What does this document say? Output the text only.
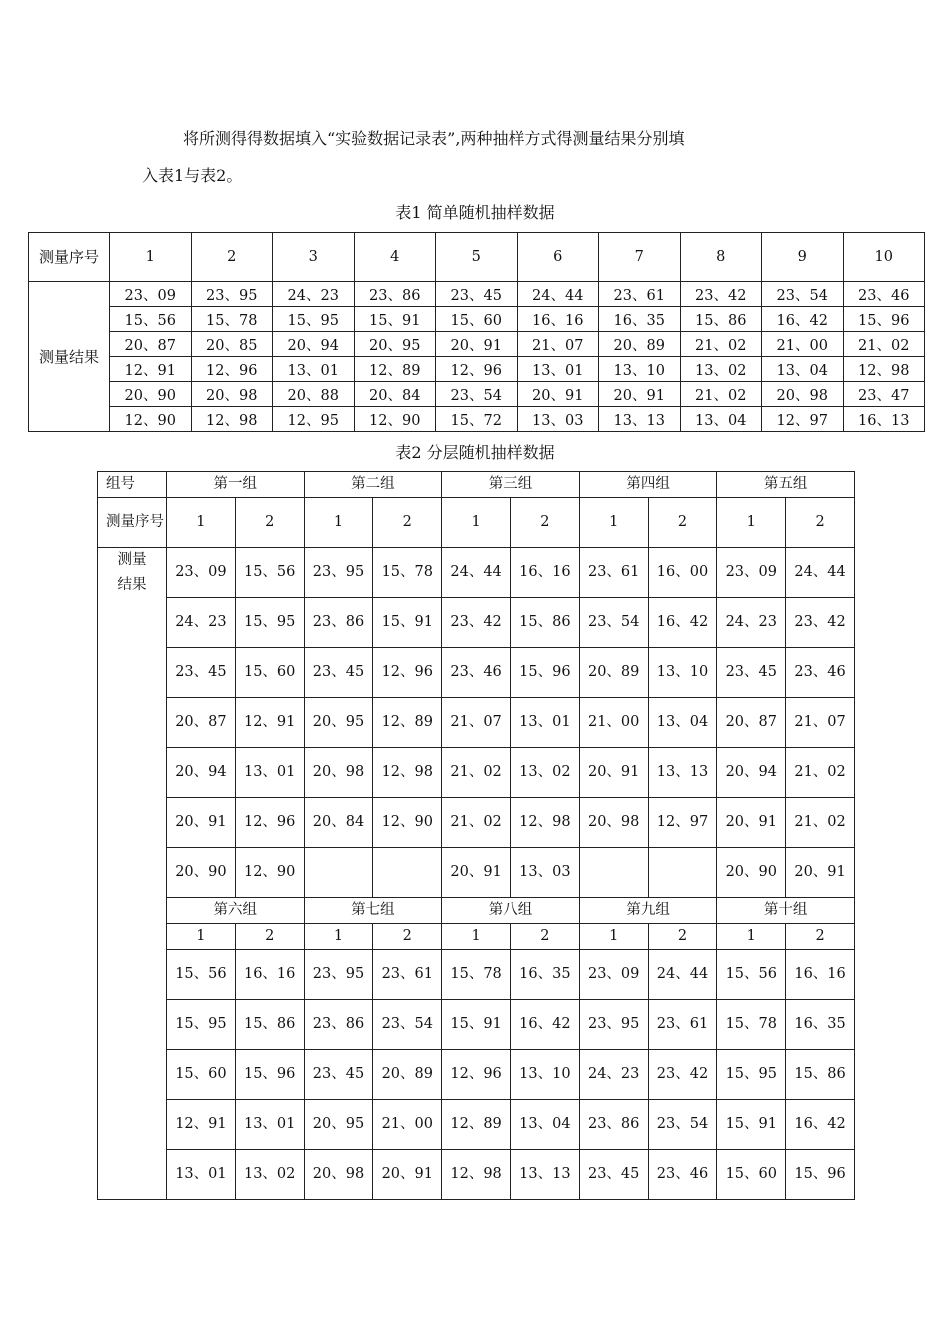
将所测得得数据填入“实验数据记录表”,两种抽样方式得测量结果分别填

入表1与表2。

表1 简单随机抽样数据

测量序号	1	2	3	4	5	6	7	8	9	10
测量结果	23、09	23、95	24、23	23、86	23、45	24、44	23、61	23、42	23、54	23、46
	15、56	15、78	15、95	15、91	15、60	16、16	16、35	15、86	16、42	15、96
	20、87	20、85	20、94	20、95	20、91	21、07	20、89	21、02	21、00	21、02
	12、91	12、96	13、01	12、89	12、96	13、01	13、10	13、02	13、04	12、98
	20、90	20、98	20、88	20、84	23、54	20、91	20、91	21、02	20、98	23、47
	12、90	12、98	12、95	12、90	15、72	13、03	13、13	13、04	12、97	16、13

表2 分层随机抽样数据

组号	第一组		第二组		第三组		第四组		第五组	
测量序号	1	2	1	2	1	2	1	2	1	2
测量结果	23、09	15、56	23、95	15、78	24、44	16、16	23、61	16、00	23、09	24、44
	24、23	15、95	23、86	15、91	23、42	15、86	23、54	16、42	24、23	23、42
	23、45	15、60	23、45	12、96	23、46	15、96	20、89	13、10	23、45	23、46
	20、87	12、91	20、95	12、89	21、07	13、01	21、00	13、04	20、87	21、07
	20、94	13、01	20、98	12、98	21、02	13、02	20、91	13、13	20、94	21、02
	20、91	12、96	20、84	12、90	21、02	12、98	20、98	12、97	20、91	21、02
	20、90	12、90			20、91	13、03			20、90	20、91
	第六组		第七组		第八组		第九组		第十组	
	1	2	1	2	1	2	1	2	1	2
	15、56	16、16	23、95	23、61	15、78	16、35	23、09	24、44	15、56	16、16
	15、95	15、86	23、86	23、54	15、91	16、42	23、95	23、61	15、78	16、35
	15、60	15、96	23、45	20、89	12、96	13、10	24、23	23、42	15、95	15、86
	12、91	13、01	20、95	21、00	12、89	13、04	23、86	23、54	15、91	16、42
	13、01	13、02	20、98	20、91	12、98	13、13	23、45	23、46	15、60	15、96
